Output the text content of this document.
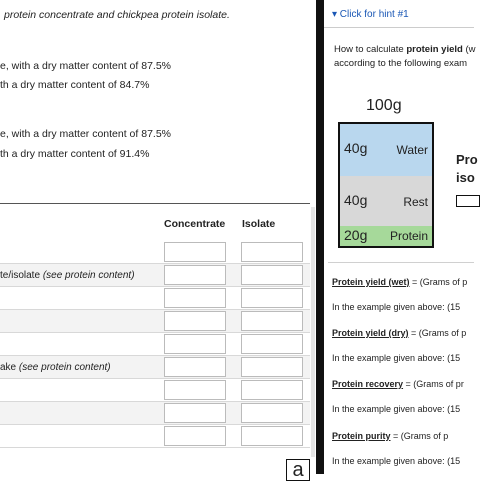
protein concentrate and chickpea protein isolate.
e, with a dry matter content of 87.5%
th a dry matter content of 84.7%
e, with a dry matter content of 87.5%
th a dry matter content of 91.4%
Concentrate Isolate
te/isolate (see protein content)
ake (see protein content)
a
▾ Click for hint #1
How to calculate protein yield (w
according to the following exam
100g
40g Water
40g	Rest
20g Protein
Pro
iso
Protein yield (wet) = (Grams of p
In the example given above: (15
Protein yield (dry) = (Grams of p
In the example given above: (15
Protein recovery = (Grams of pr
In the example given above: (15
Protein purity = (Grams of p
In the example given above: (15
